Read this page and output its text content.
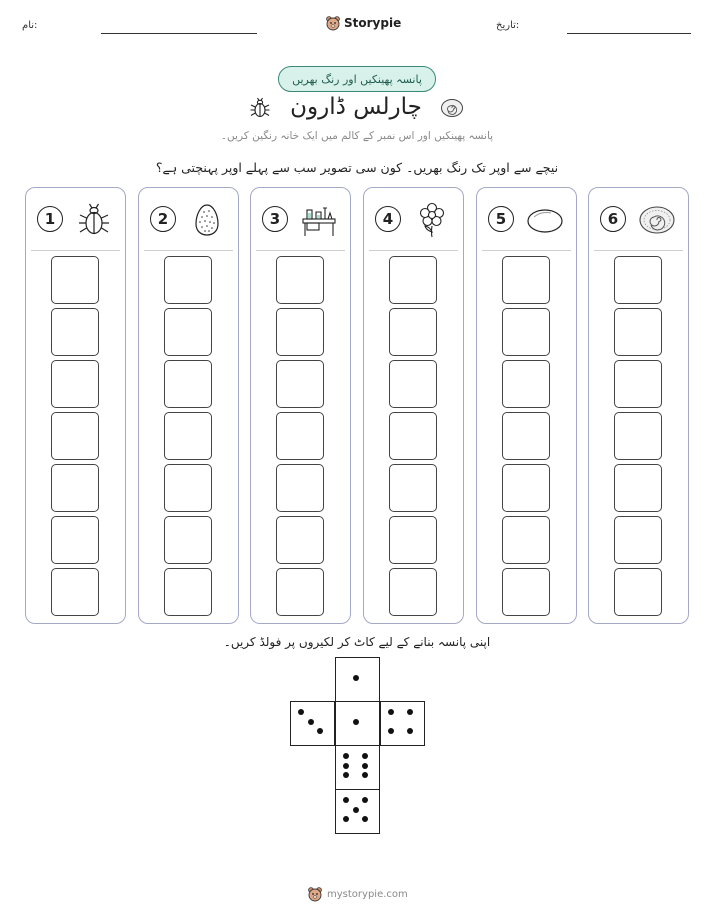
نام:	Storypie	تاریخ:
پانسہ پھینکیں اور رنگ بھریں
چارلس ڈارون
پانسہ پھینکیں اور اس نمبر کے کالم میں ایک خانہ رنگین کریں۔
نیچے سے اوپر تک رنگ بھریں۔ کون سی تصویر سب سے پہلے اوپر پہنچتی ہے؟
1	2	3	4	5	6
اپنی پانسہ بنانے کے لیے کاٹ کر لکیروں پر فولڈ کریں۔
mystorypie.com
